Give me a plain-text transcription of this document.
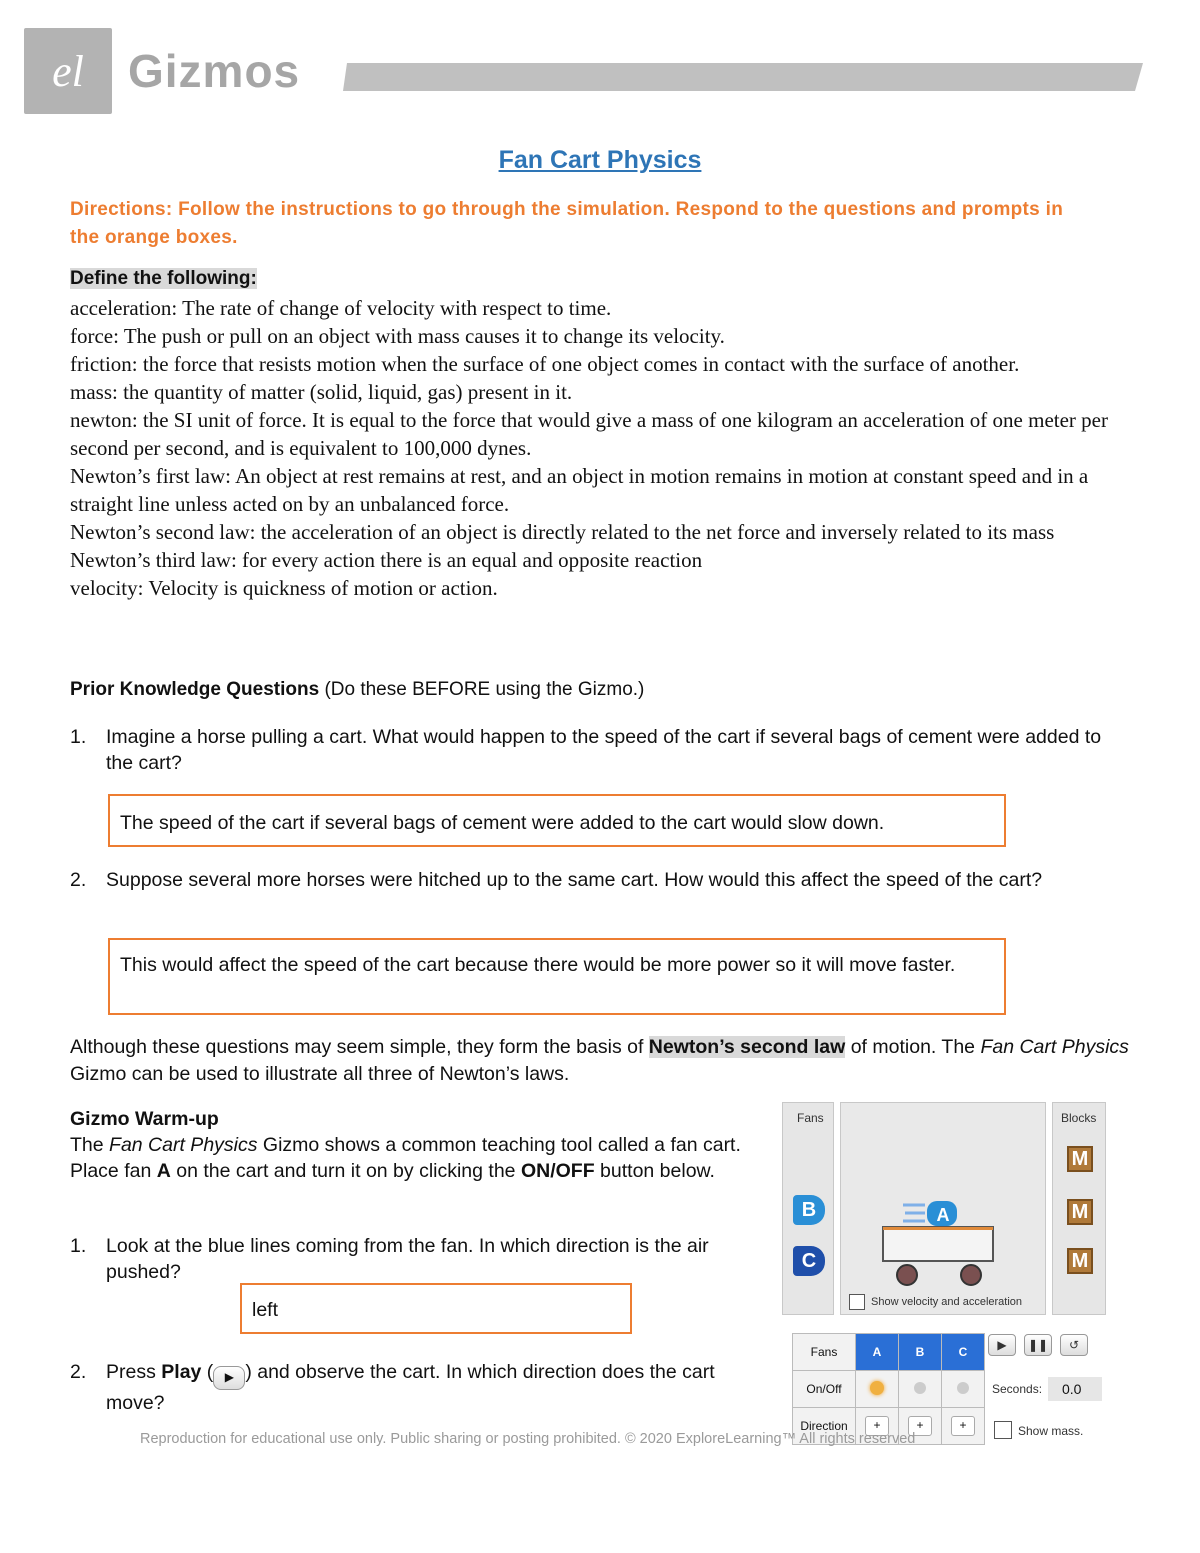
el Gizmos
Fan Cart Physics
Directions: Follow the instructions to go through the simulation. Respond to the questions and prompts in the orange boxes.
Define the following:
acceleration: The rate of change of velocity with respect to time.
force: The push or pull on an object with mass causes it to change its velocity.
friction: the force that resists motion when the surface of one object comes in contact with the surface of another.
mass: the quantity of matter (solid, liquid, gas) present in it.
newton: the SI unit of force. It is equal to the force that would give a mass of one kilogram an acceleration of one meter per second per second, and is equivalent to 100,000 dynes.
Newton’s first law: An object at rest remains at rest, and an object in motion remains in motion at constant speed and in a straight line unless acted on by an unbalanced force.
Newton’s second law: the acceleration of an object is directly related to the net force and inversely related to its mass
Newton’s third law: for every action there is an equal and opposite reaction
velocity: Velocity is quickness of motion or action.
Prior Knowledge Questions (Do these BEFORE using the Gizmo.)
1. Imagine a horse pulling a cart. What would happen to the speed of the cart if several bags of cement were added to the cart?
The speed of the cart if several bags of cement were added to the cart would slow down.
2. Suppose several more horses were hitched up to the same cart. How would this affect the speed of the cart?
This would affect the speed of the cart because there would be more power so it will move faster.
Although these questions may seem simple, they form the basis of Newton’s second law of motion. The Fan Cart Physics Gizmo can be used to illustrate all three of Newton’s laws.
Gizmo Warm-up
The Fan Cart Physics Gizmo shows a common teaching tool called a fan cart. Place fan A on the cart and turn it on by clicking the ON/OFF button below.
1. Look at the blue lines coming from the fan. In which direction is the air pushed?
left
2. Press Play ( ▶ ) and observe the cart. In which direction does the cart move?
Fans
B
C
A
Show velocity and acceleration
Blocks
M
M
M
Fans	A	B	C
On/Off			
Direction	+	+	+
▶	❚❚	↺
Seconds:	0.0
Show mass.
Reproduction for educational use only. Public sharing or posting prohibited. © 2020 ExploreLearning™ All rights reserved
